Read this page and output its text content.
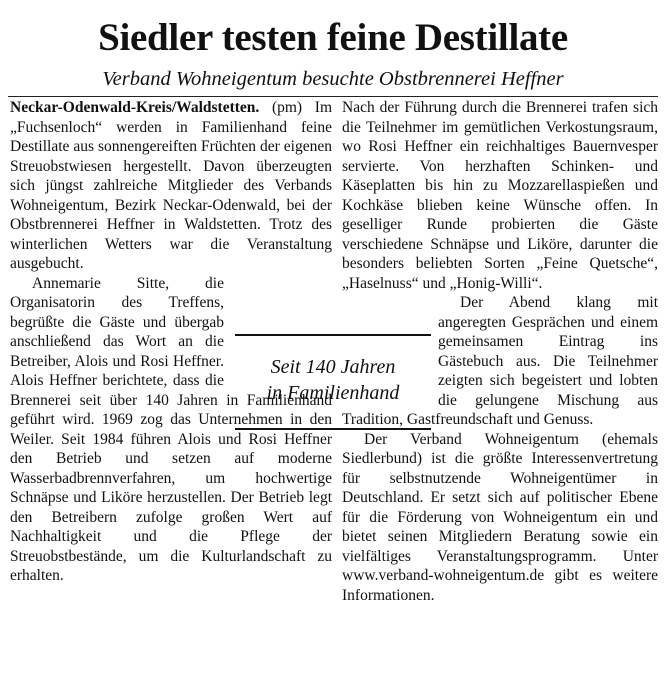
Siedler testen feine Destillate
Verband Wohneigentum besuchte Obstbrennerei Heffner

Neckar-Odenwald-Kreis/Waldstetten. (pm) Im „Fuchsenloch“ werden in Familienhand feine Destillate aus sonnengereiften Früchten der eigenen Streuobstwiesen hergestellt. Davon überzeugten sich jüngst zahlreiche Mitglieder des Verbands Wohneigentum, Bezirk Neckar-Odenwald, bei der Obstbrennerei Heffner in Waldstetten. Trotz des winterlichen Wetters war die Veranstaltung ausgebucht.

Annemarie Sitte, die Organisatorin des Treffens, begrüßte die Gäste und übergab anschließend das Wort an die Betreiber, Alois und Rosi Heffner. Alois Heffner berichtete, dass die Brennerei seit über 140 Jahren in Familienhand geführt wird. 1969 zog das Unternehmen in den Weiler. Seit 1984 führen Alois und Rosi Heffner den Betrieb und setzen auf moderne Wasserbadbrennverfahren, um hochwertige Schnäpse und Liköre herzustellen. Der Betrieb legt den Betreibern zufolge großen Wert auf Nachhaltigkeit und die Pflege der Streuobstbestände, um die Kulturlandschaft zu erhalten.

Nach der Führung durch die Brennerei trafen sich die Teilnehmer im gemütlichen Verkostungsraum, wo Rosi Heffner ein reichhaltiges Bauernvesper servierte. Von herzhaften Schinken- und Käseplatten bis hin zu Mozzarellaspießen und Kochkäse blieben keine Wünsche offen. In geselliger Runde probierten die Gäste verschiedene Schnäpse und Liköre, darunter die besonders beliebten Sorten „Feine Quetsche“, „Haselnuss“ und „Honig-Willi“.

Der Abend klang mit angeregten Gesprächen und einem gemeinsamen Eintrag ins Gästebuch aus. Die Teilnehmer zeigten sich begeistert und lobten die gelungene Mischung aus Tradition, Gastfreundschaft und Genuss.

Der Verband Wohneigentum (ehemals Siedlerbund) ist die größte Interessenvertretung für selbstnutzende Wohneigentümer in Deutschland. Er setzt sich auf politischer Ebene für die Förderung von Wohneigentum ein und bietet seinen Mitgliedern Beratung sowie ein vielfältiges Veranstaltungsprogramm. Unter www.verband-wohneigentum.de gibt es weitere Informationen.

Seit 140 Jahren
in Familienhand
